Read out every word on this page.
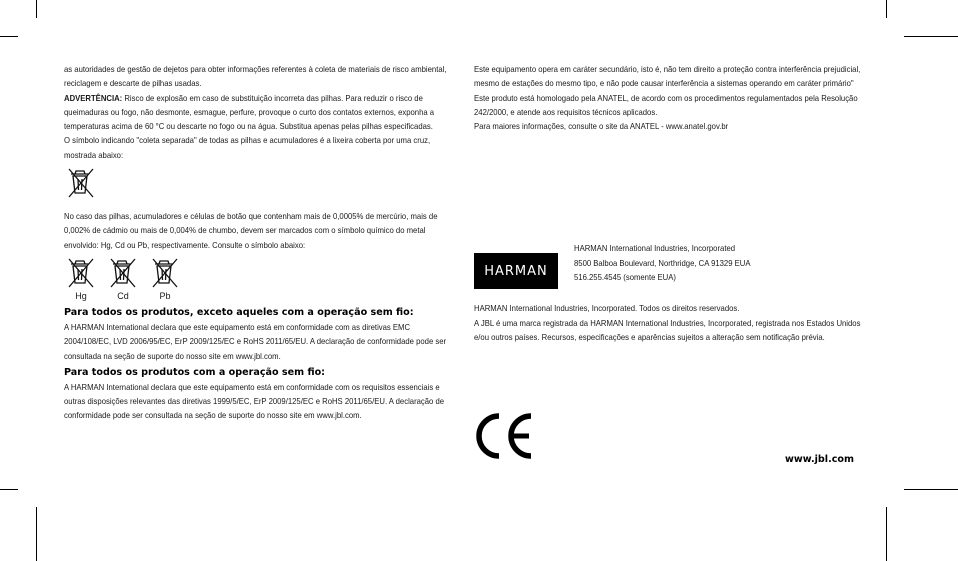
as autoridades de gestão de dejetos para obter informações referentes à coleta de materiais de risco ambiental, reciclagem e descarte de pilhas usadas.

ADVERTÊNCIA: Risco de explosão em caso de substituição incorreta das pilhas. Para reduzir o risco de queimaduras ou fogo, não desmonte, esmague, perfure, provoque o curto dos contatos externos, exponha a temperaturas acima de 60 °C ou descarte no fogo ou na água. Substitua apenas pelas pilhas especificadas.

O símbolo indicando "coleta separada" de todas as pilhas e acumuladores é a lixeira coberta por uma cruz, mostrada abaixo:

No caso das pilhas, acumuladores e células de botão que contenham mais de 0,0005% de mercúrio, mais de 0,002% de cádmio ou mais de 0,004% de chumbo, devem ser marcados com o símbolo químico do metal envolvido: Hg, Cd ou Pb, respectivamente. Consulte o símbolo abaixo:

Hg	Cd	Pb

Para todos os produtos, exceto aqueles com a operação sem fio:

A HARMAN International declara que este equipamento está em conformidade com as diretivas EMC 2004/108/EC, LVD 2006/95/EC, ErP 2009/125/EC e RoHS 2011/65/EU. A declaração de conformidade pode ser consultada na seção de suporte do nosso site em www.jbl.com.

Para todos os produtos com a operação sem fio:

A HARMAN International declara que este equipamento está em conformidade com os requisitos essenciais e outras disposições relevantes das diretivas 1999/5/EC, ErP 2009/125/EC e RoHS 2011/65/EU. A declaração de conformidade pode ser consultada na seção de suporte do nosso site em www.jbl.com.

Este equipamento opera em caráter secundário, isto é, não tem direito a proteção contra interferência prejudicial, mesmo de estações do mesmo tipo, e não pode causar interferência a sistemas operando em caráter primário"

Este produto está homologado pela ANATEL, de acordo com os procedimentos regulamentados pela Resolução 242/2000, e atende aos requisitos técnicos aplicados.

Para maiores informações, consulte o site da ANATEL - www.anatel.gov.br

HARMAN

HARMAN International Industries, Incorporated

8500 Balboa Boulevard, Northridge, CA 91329 EUA

516.255.4545 (somente EUA)

HARMAN International Industries, Incorporated. Todos os direitos reservados.

A JBL é uma marca registrada da HARMAN International Industries, Incorporated, registrada nos Estados Unidos e/ou outros países. Recursos, especificações e aparências sujeitos a alteração sem notificação prévia.

www.jbl.com
